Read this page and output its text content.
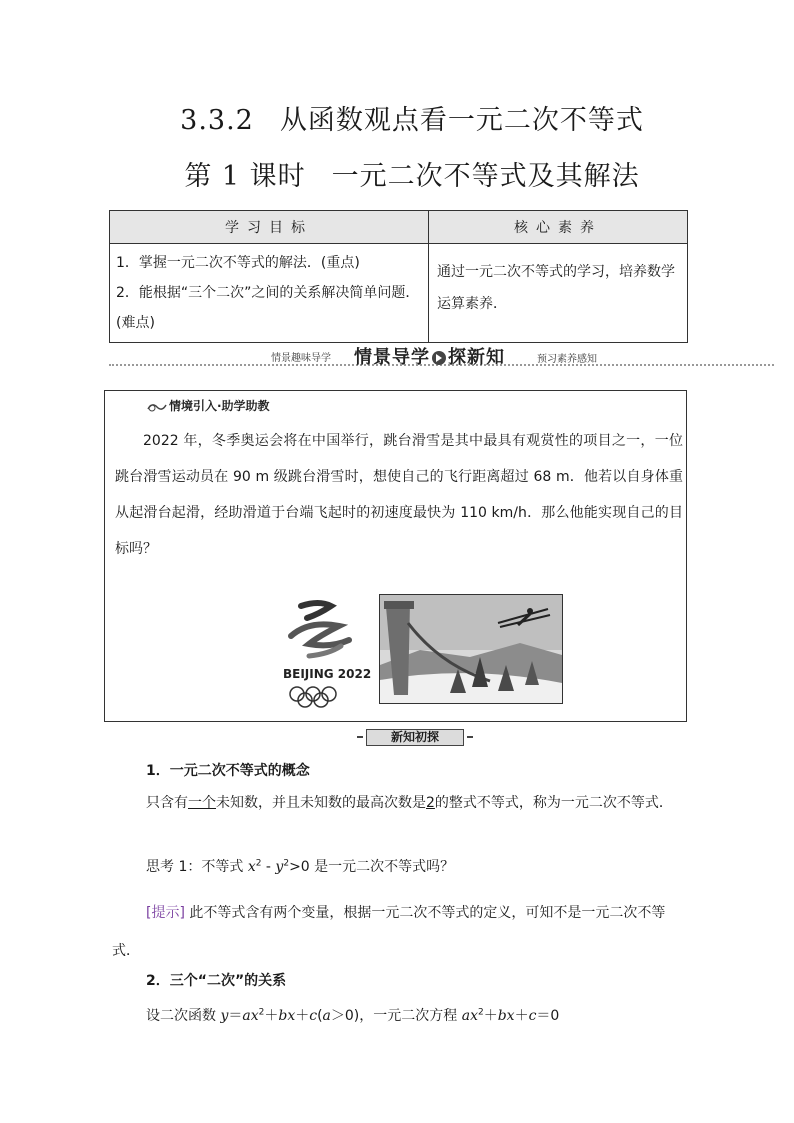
3.3.2 从函数观点看一元二次不等式
第 1 课时 一元二次不等式及其解法
学习目标	核心素养

1．掌握一元二次不等式的解法．(重点)
2．能根据“三个二次”之间的关系解决简单问题．(难点)	通过一元二次不等式的学习，培养数学运算素养．
情景趣味导学 情景导学 探新知	预习素养感知
情境引入·助学助教
2022 年，冬季奥运会将在中国举行，跳台滑雪是其中最具有观赏性的项目之一，一位跳台滑雪运动员在 90 m 级跳台滑雪时，想使自己的飞行距离超过 68 m．他若以自身体重从起滑台起滑，经助滑道于台端飞起时的初速度最快为 110 km/h．那么他能实现自己的目标吗？
BEIJING 2022
新知初探
1．一元二次不等式的概念
只含有一个未知数，并且未知数的最高次数是2的整式不等式，称为一元二次不等式．
思考 1：不等式 $x^2 - y^2>0$ 是一元二次不等式吗？
[提示] 此不等式含有两个变量，根据一元二次不等式的定义，可知不是一元二次不等式．
2．三个“二次”的关系
设二次函数 $y=ax^2+bx+c(a>0)$，一元二次方程 $ax^2+bx+c=0$
